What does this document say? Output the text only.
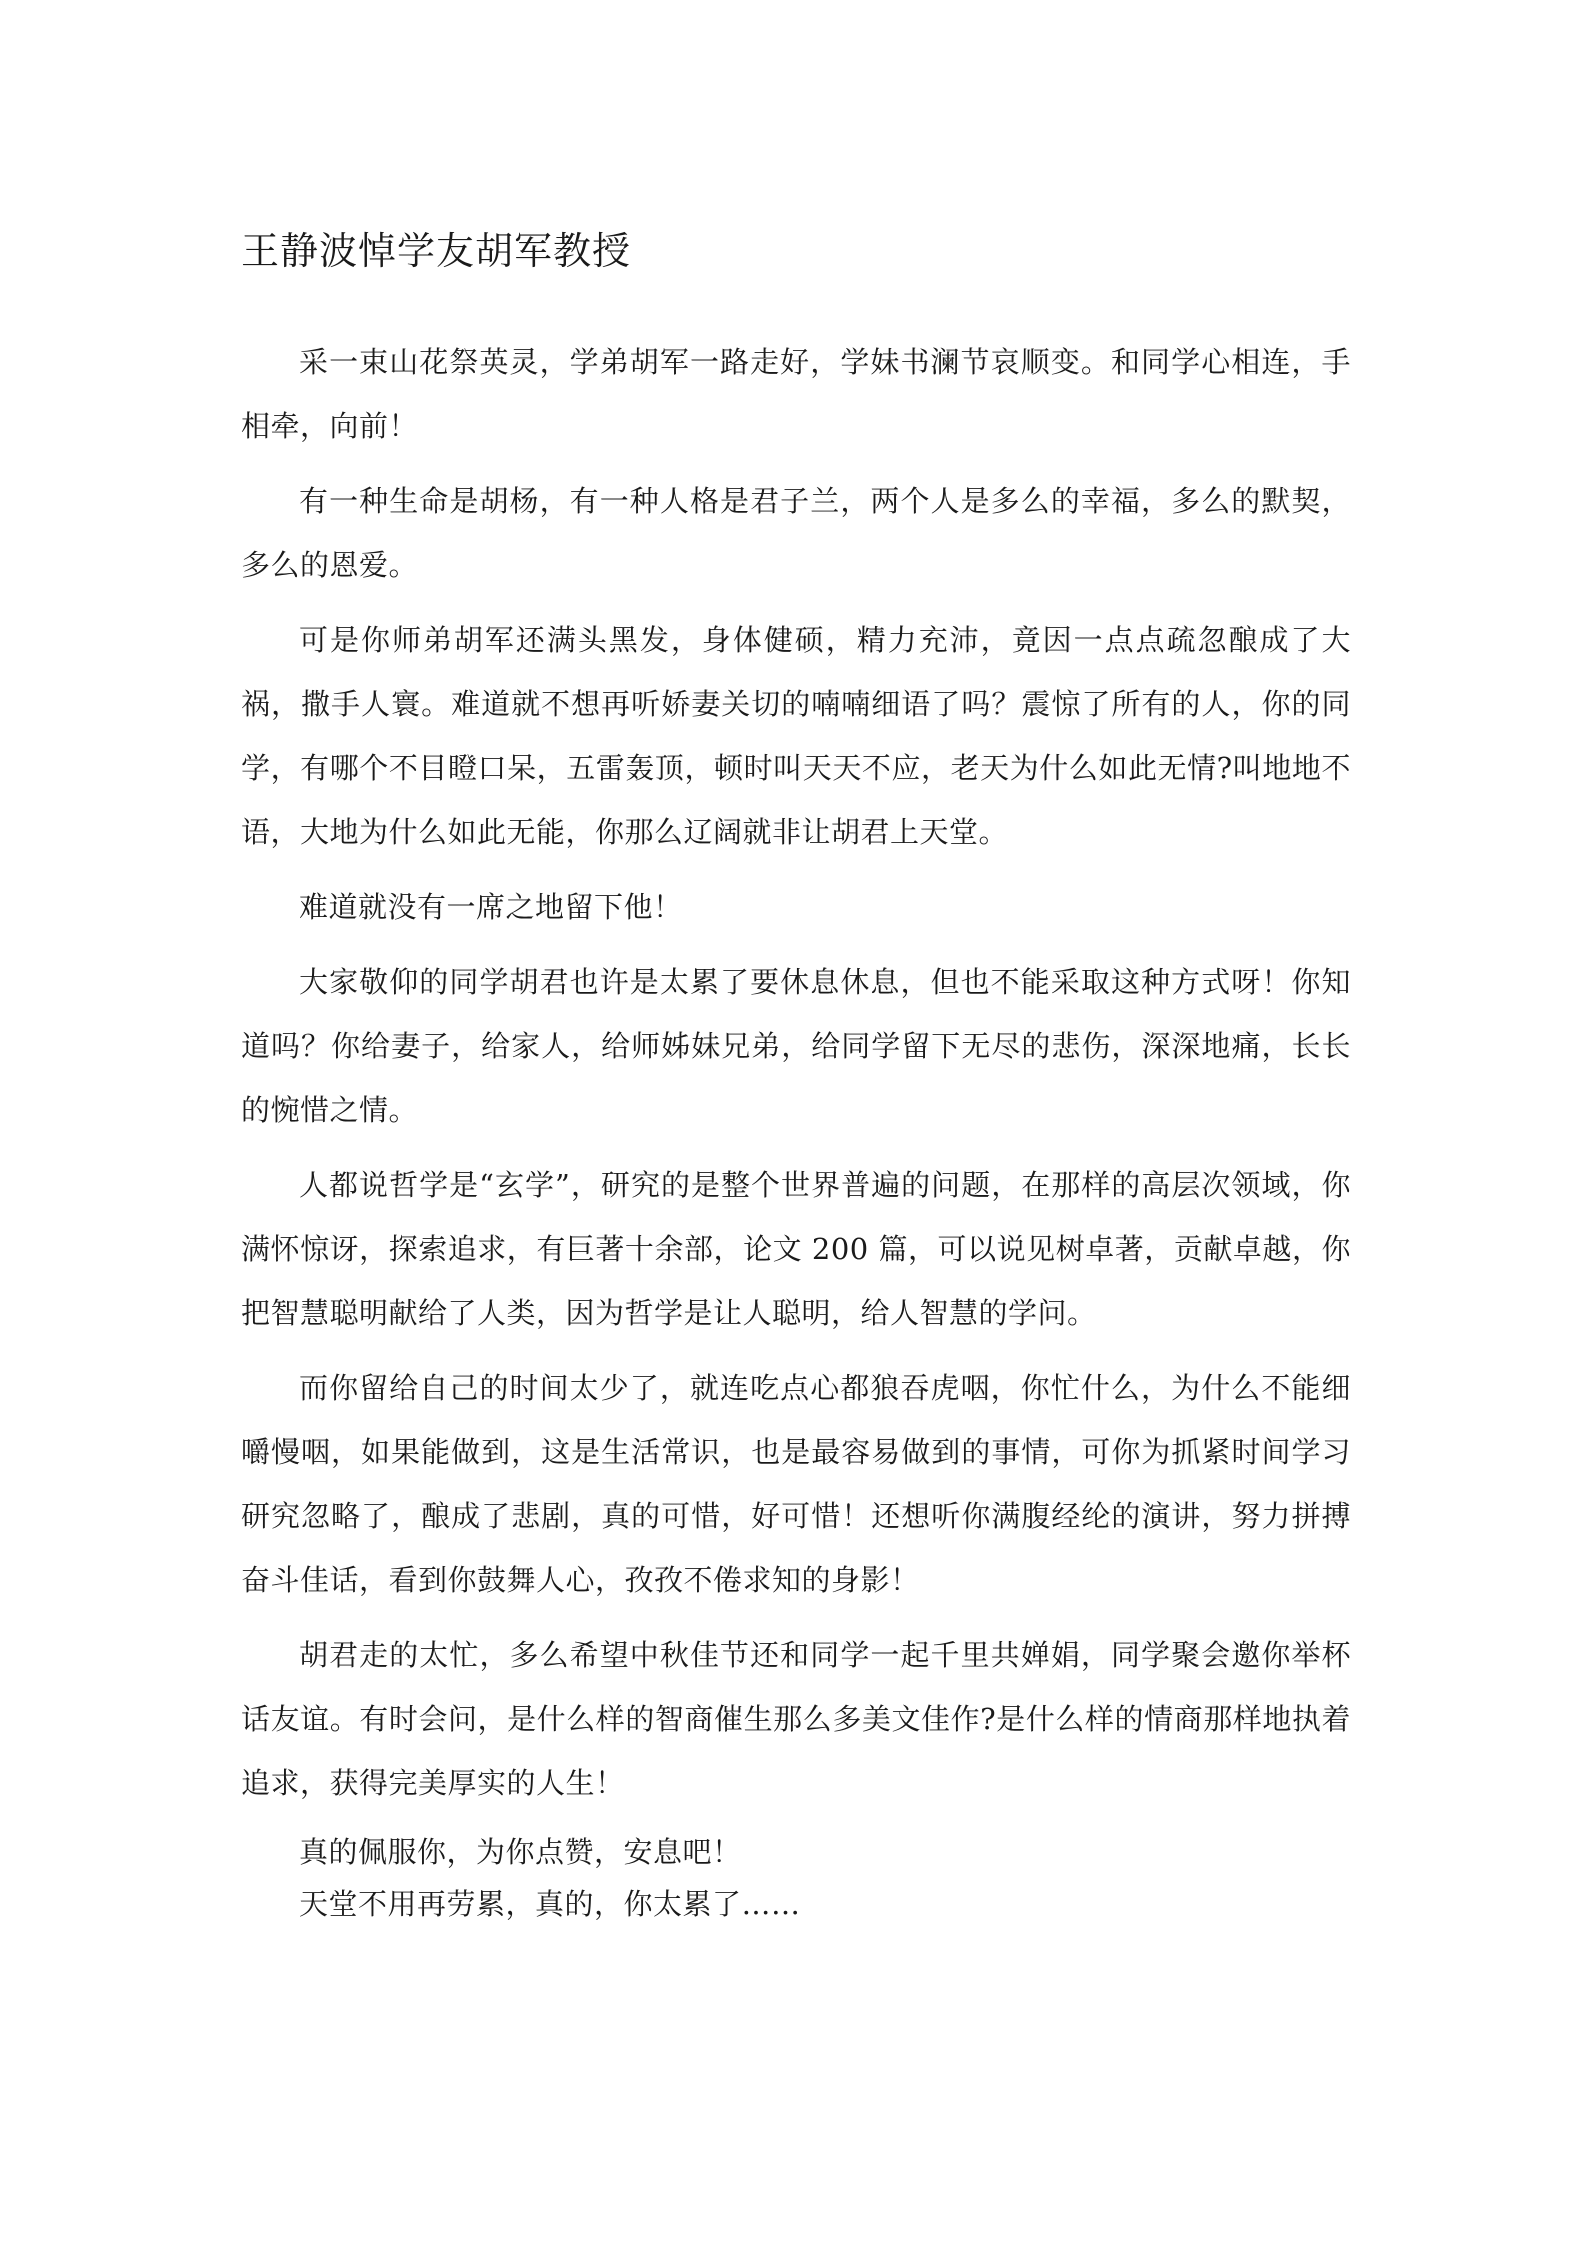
王静波悼学友胡军教授

采一束山花祭英灵，学弟胡军一路走好，学妹书澜节哀顺变。和同学心相连，手相牵，向前！

有一种生命是胡杨，有一种人格是君子兰，两个人是多么的幸福，多么的默契，多么的恩爱。

可是你师弟胡军还满头黑发，身体健硕，精力充沛，竟因一点点疏忽酿成了大祸，撒手人寰。难道就不想再听娇妻关切的喃喃细语了吗？震惊了所有的人，你的同学，有哪个不目瞪口呆，五雷轰顶，顿时叫天天不应，老天为什么如此无情?叫地地不语，大地为什么如此无能，你那么辽阔就非让胡君上天堂。

难道就没有一席之地留下他！

大家敬仰的同学胡君也许是太累了要休息休息，但也不能采取这种方式呀！你知道吗？你给妻子，给家人，给师姊妹兄弟，给同学留下无尽的悲伤，深深地痛，长长的惋惜之情。

人都说哲学是“玄学”，研究的是整个世界普遍的问题，在那样的高层次领域，你满怀惊讶，探索追求，有巨著十余部，论文 200 篇，可以说见树卓著，贡献卓越，你把智慧聪明献给了人类，因为哲学是让人聪明，给人智慧的学问。

而你留给自己的时间太少了，就连吃点心都狼吞虎咽，你忙什么，为什么不能细嚼慢咽，如果能做到，这是生活常识，也是最容易做到的事情，可你为抓紧时间学习研究忽略了，酿成了悲剧，真的可惜，好可惜！还想听你满腹经纶的演讲，努力拼搏奋斗佳话，看到你鼓舞人心，孜孜不倦求知的身影！

胡君走的太忙，多么希望中秋佳节还和同学一起千里共婵娟，同学聚会邀你举杯话友谊。有时会问，是什么样的智商催生那么多美文佳作?是什么样的情商那样地执着追求，获得完美厚实的人生！

真的佩服你，为你点赞，安息吧！

天堂不用再劳累，真的，你太累了……
